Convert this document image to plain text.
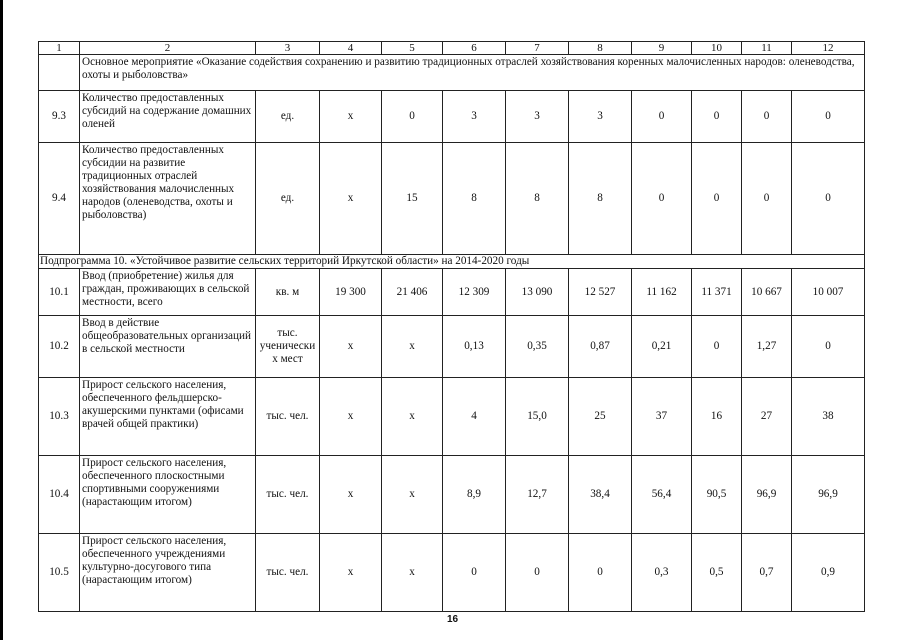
1	2	3	4	5	6	7	8	9	10	11	12
	Основное мероприятие «Оказание содействия сохранению и развитию традиционных отраслей хозяйствования коренных малочисленных народов: оленеводства, охоты и рыболовства»										
9.3	Количество предоставленных субсидий на содержание домашних оленей	ед.	x	0	3	3	3	0	0	0	0
9.4	Количество предоставленных субсидии на развитие традиционных отраслей хозяйствования малочисленных народов (оленеводства, охоты и рыболовства)	ед.	x	15	8	8	8	0	0	0	0
Подпрограмма 10. «Устойчивое развитие сельских территорий Иркутской области» на 2014-2020 годы											
10.1	Ввод (приобретение) жилья для граждан, проживающих в сельской местности, всего	кв. м	19 300	21 406	12 309	13 090	12 527	11 162	11 371	10 667	10 007
10.2	Ввод в действие общеобразовательных организаций в сельской местности	тыс. ученически х мест	x	x	0,13	0,35	0,87	0,21	0	1,27	0
10.3	Прирост сельского населения, обеспеченного фельдшерско-акушерскими пунктами (офисами врачей общей практики)	тыс. чел.	x	x	4	15,0	25	37	16	27	38
10.4	Прирост сельского населения, обеспеченного плоскостными спортивными сооружениями (нарастающим итогом)	тыс. чел.	x	x	8,9	12,7	38,4	56,4	90,5	96,9	96,9
10.5	Прирост сельского населения, обеспеченного учреждениями культурно-досугового типа (нарастающим итогом)	тыс. чел.	x	x	0	0	0	0,3	0,5	0,7	0,9
16
